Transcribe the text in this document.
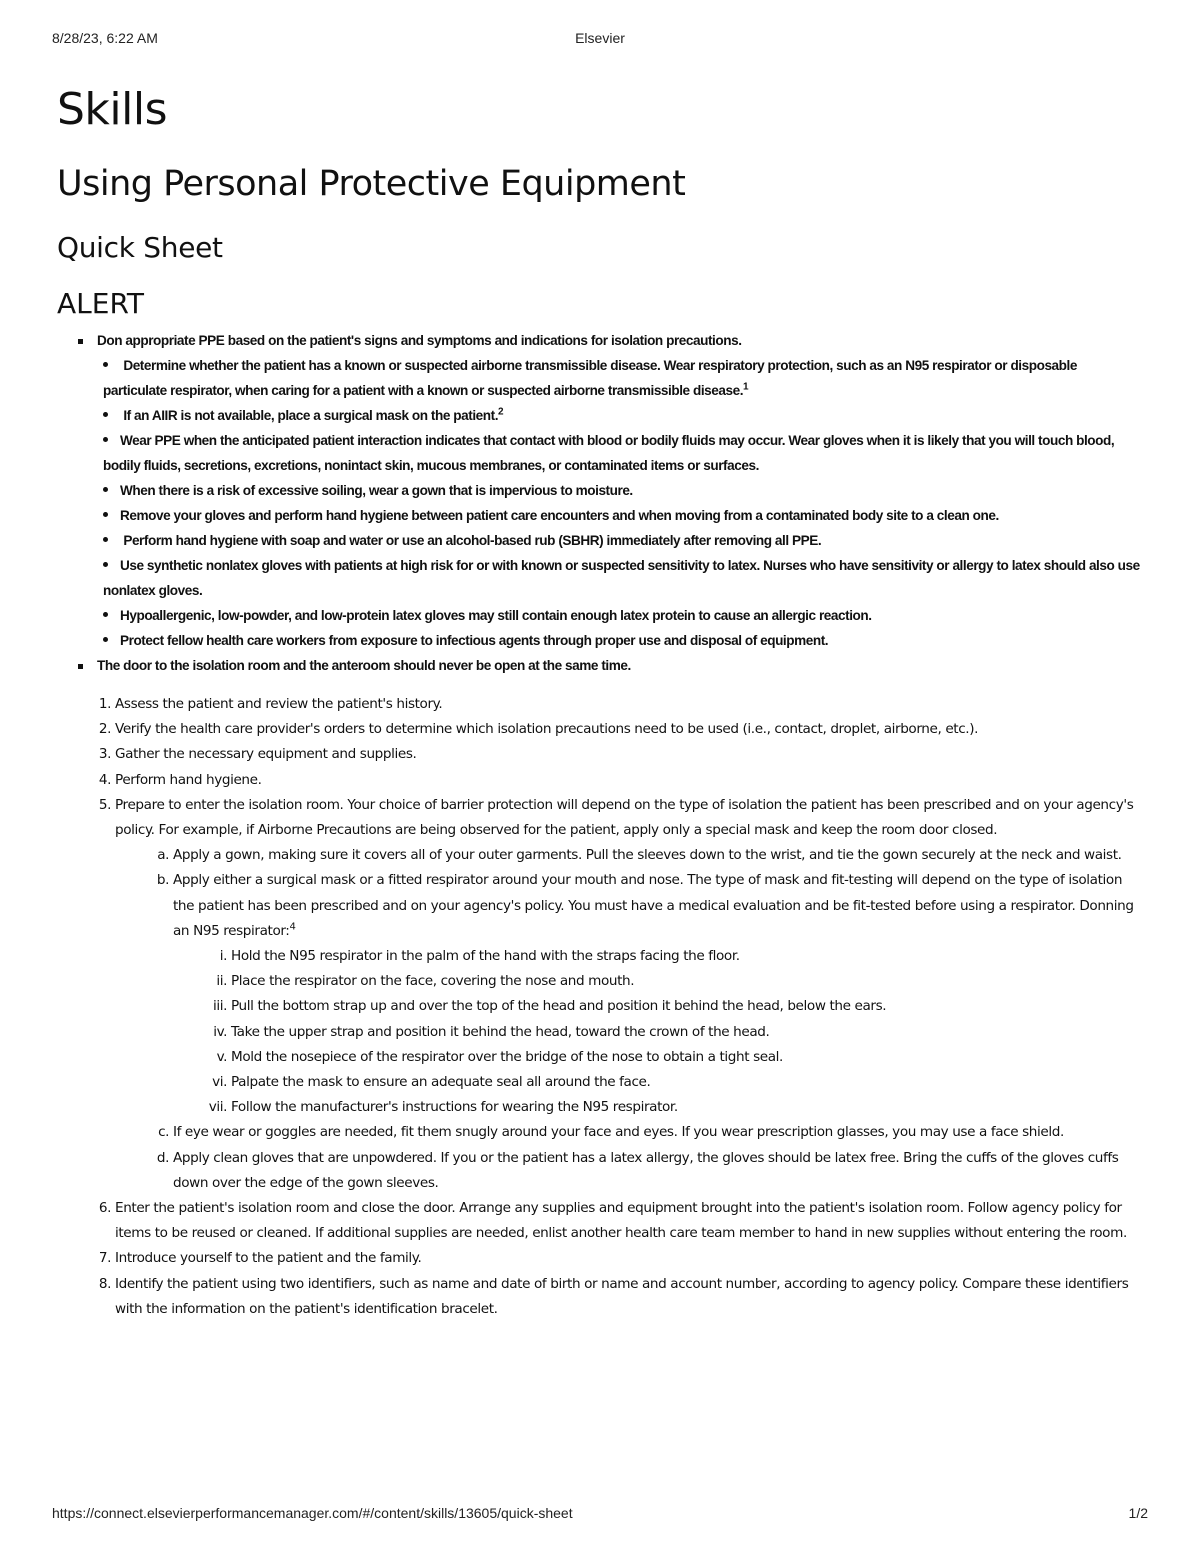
8/28/23, 6:22 AM	Elsevier
Skills
Using Personal Protective Equipment
Quick Sheet
ALERT
Don appropriate PPE based on the patient's signs and symptoms and indications for isolation precautions.
Determine whether the patient has a known or suspected airborne transmissible disease. Wear respiratory protection, such as an N95 respirator or disposable particulate respirator, when caring for a patient with a known or suspected airborne transmissible disease.$^1$
If an AIIR is not available, place a surgical mask on the patient.$^2$
Wear PPE when the anticipated patient interaction indicates that contact with blood or bodily fluids may occur. Wear gloves when it is likely that you will touch blood, bodily fluids, secretions, excretions, nonintact skin, mucous membranes, or contaminated items or surfaces.
When there is a risk of excessive soiling, wear a gown that is impervious to moisture.
Remove your gloves and perform hand hygiene between patient care encounters and when moving from a contaminated body site to a clean one.
Perform hand hygiene with soap and water or use an alcohol-based rub (SBHR) immediately after removing all PPE.
Use synthetic nonlatex gloves with patients at high risk for or with known or suspected sensitivity to latex. Nurses who have sensitivity or allergy to latex should also use nonlatex gloves.
Hypoallergenic, low-powder, and low-protein latex gloves may still contain enough latex protein to cause an allergic reaction.
Protect fellow health care workers from exposure to infectious agents through proper use and disposal of equipment.
The door to the isolation room and the anteroom should never be open at the same time.
1. Assess the patient and review the patient's history.
2. Verify the health care provider's orders to determine which isolation precautions need to be used (i.e., contact, droplet, airborne, etc.).
3. Gather the necessary equipment and supplies.
4. Perform hand hygiene.
5. Prepare to enter the isolation room. Your choice of barrier protection will depend on the type of isolation the patient has been prescribed and on your agency's policy. For example, if Airborne Precautions are being observed for the patient, apply only a special mask and keep the room door closed.
a. Apply a gown, making sure it covers all of your outer garments. Pull the sleeves down to the wrist, and tie the gown securely at the neck and waist.
b. Apply either a surgical mask or a fitted respirator around your mouth and nose. The type of mask and fit-testing will depend on the type of isolation the patient has been prescribed and on your agency's policy. You must have a medical evaluation and be fit-tested before using a respirator. Donning an N95 respirator:$^4$
i. Hold the N95 respirator in the palm of the hand with the straps facing the floor.
ii. Place the respirator on the face, covering the nose and mouth.
iii. Pull the bottom strap up and over the top of the head and position it behind the head, below the ears.
iv. Take the upper strap and position it behind the head, toward the crown of the head.
v. Mold the nosepiece of the respirator over the bridge of the nose to obtain a tight seal.
vi. Palpate the mask to ensure an adequate seal all around the face.
vii. Follow the manufacturer's instructions for wearing the N95 respirator.
c. If eye wear or goggles are needed, fit them snugly around your face and eyes. If you wear prescription glasses, you may use a face shield.
d. Apply clean gloves that are unpowdered. If you or the patient has a latex allergy, the gloves should be latex free. Bring the cuffs of the gloves cuffs down over the edge of the gown sleeves.
6. Enter the patient's isolation room and close the door. Arrange any supplies and equipment brought into the patient's isolation room. Follow agency policy for items to be reused or cleaned. If additional supplies are needed, enlist another health care team member to hand in new supplies without entering the room.
7. Introduce yourself to the patient and the family.
8. Identify the patient using two identifiers, such as name and date of birth or name and account number, according to agency policy. Compare these identifiers with the information on the patient's identification bracelet.
https://connect.elsevierperformancemanager.com/#/content/skills/13605/quick-sheet	1/2
